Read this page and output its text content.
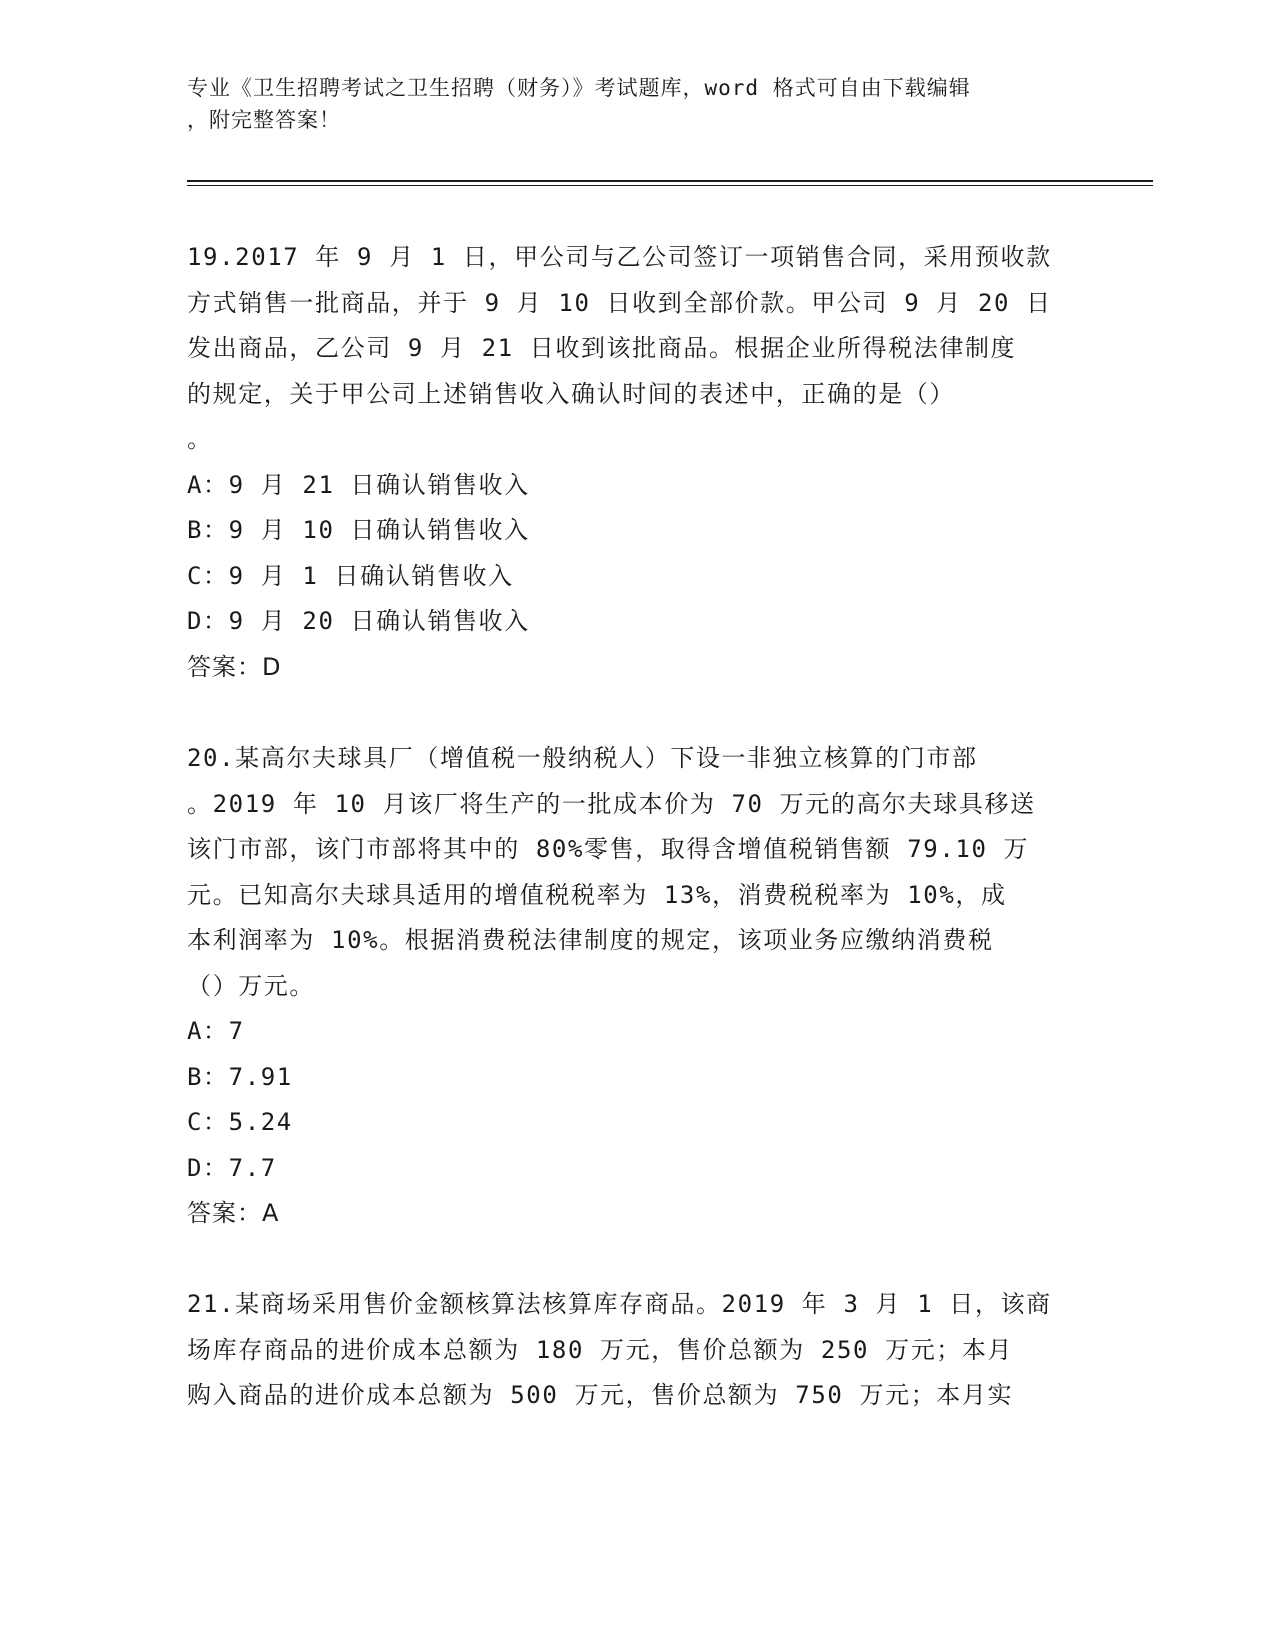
专业《卫生招聘考试之卫生招聘（财务）》考试题库，word 格式可自由下载编辑
，附完整答案！
19.2017 年 9 月 1 日，甲公司与乙公司签订一项销售合同，采用预收款
方式销售一批商品，并于 9 月 10 日收到全部价款。甲公司 9 月 20 日
发出商品，乙公司 9 月 21 日收到该批商品。根据企业所得税法律制度
的规定，关于甲公司上述销售收入确认时间的表述中，正确的是（）
。
A：9 月 21 日确认销售收入
B：9 月 10 日确认销售收入
C：9 月 1 日确认销售收入
D：9 月 20 日确认销售收入
答案：D
20.某高尔夫球具厂（增值税一般纳税人）下设一非独立核算的门市部
。2019 年 10 月该厂将生产的一批成本价为 70 万元的高尔夫球具移送
该门市部，该门市部将其中的 80%零售，取得含增值税销售额 79.10 万
元。已知高尔夫球具适用的增值税税率为 13%，消费税税率为 10%，成
本利润率为 10%。根据消费税法律制度的规定，该项业务应缴纳消费税
（）万元。
A：7
B：7.91
C：5.24
D：7.7
答案：A
21.某商场采用售价金额核算法核算库存商品。2019 年 3 月 1 日，该商
场库存商品的进价成本总额为 180 万元，售价总额为 250 万元；本月
购入商品的进价成本总额为 500 万元，售价总额为 750 万元；本月实
